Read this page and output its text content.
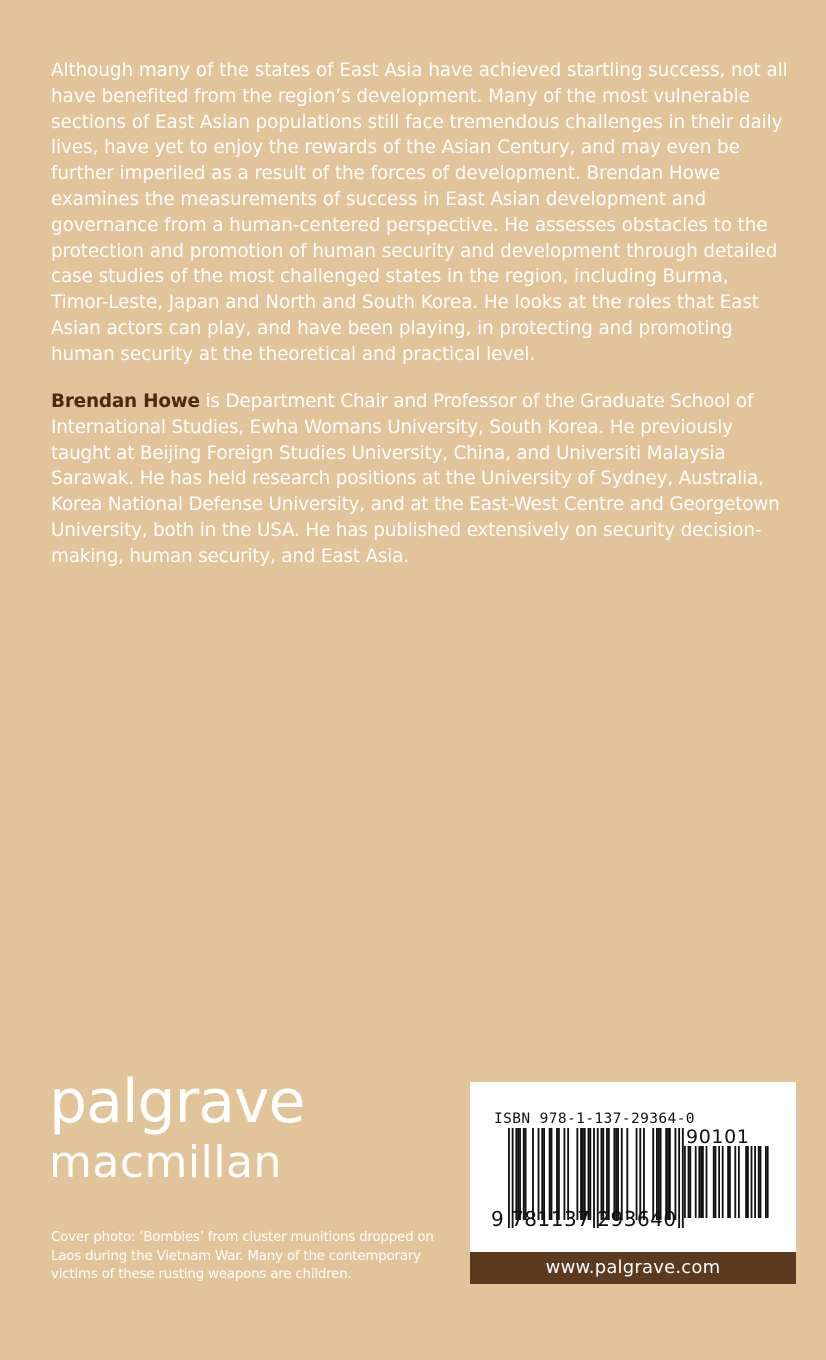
Although many of the states of East Asia have achieved startling success, not all have benefited from the region’s development. Many of the most vulnerable sections of East Asian populations still face tremendous challenges in their daily lives, have yet to enjoy the rewards of the Asian Century, and may even be further imperiled as a result of the forces of development. Brendan Howe examines the measurements of success in East Asian development and governance from a human-centered perspective. He assesses obstacles to the protection and promotion of human security and development through detailed case studies of the most challenged states in the region, including Burma, Timor-Leste, Japan and North and South Korea. He looks at the roles that East Asian actors can play, and have been playing, in protecting and promoting human security at the theoretical and practical level.

Brendan Howe is Department Chair and Professor of the Graduate School of International Studies, Ewha Womans University, South Korea. He previously taught at Beijing Foreign Studies University, China, and Universiti Malaysia Sarawak. He has held research positions at the University of Sydney, Australia, Korea National Defense University, and at the East-West Centre and Georgetown University, both in the USA. He has published extensively on security decision-making, human security, and East Asia.

palgrave
macmillan

Cover photo: ‘Bombies’ from cluster munitions dropped on Laos during the Vietnam War. Many of the contemporary victims of these rusting weapons are children.

ISBN 978-1-137-29364-0

9 781137 293640

90101

www.palgrave.com
